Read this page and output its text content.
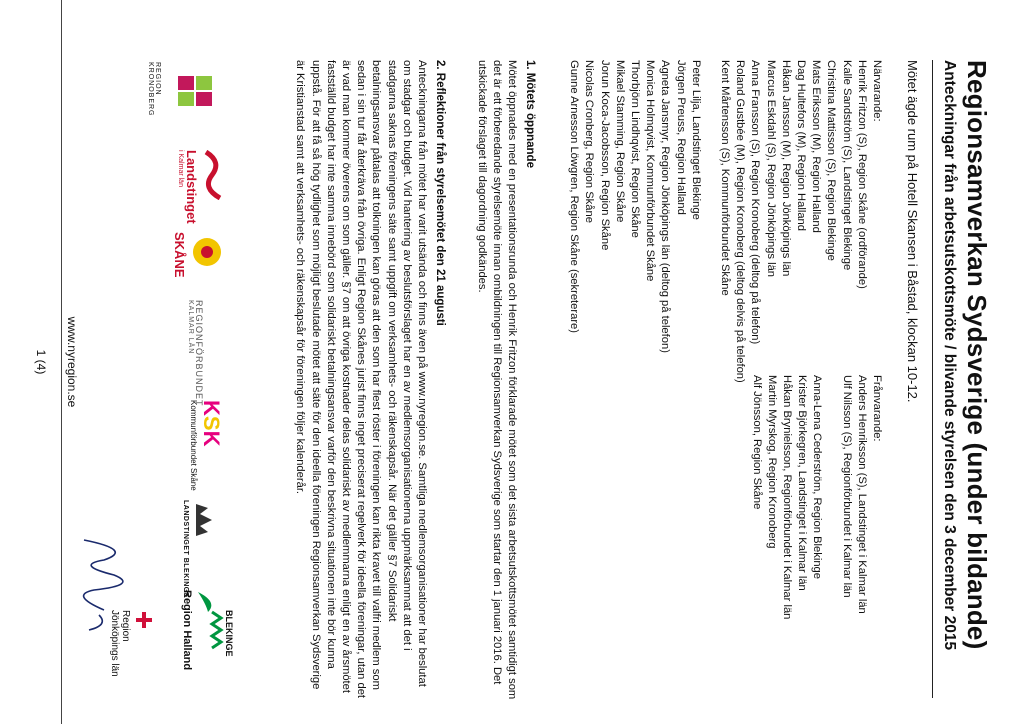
Regionsamverkan Sydsverige (under bildande)
Anteckningar från arbetsutskottsmöte / blivande styrelsen den 3 december 2015
Mötet ägde rum på Hotell Skansen i Båstad, klockan 10-12.
Närvarande:
Henrik Fritzon (S), Region Skåne (ordförande)
Kalle Sandström (S), Landstinget Blekinge
Christina Mattisson (S), Region Blekinge
Mats Eriksson (M), Region Halland
Dag Hultefors (M), Region Halland
Håkan Jansson (M), Region Jönköpings län
Marcus Eskdahl (S), Region Jönköpings län
Anna Fransson (S), Region Kronoberg (deltog på telefon)
Roland Gustbée (M), Region Kronoberg (deltog delvis på telefon)
Kent Mårtensson (S), Kommunförbundet Skåne
Peter Lilja, Landstinget Blekinge
Jörgen Preuss, Region Halland
Agneta Jansmyr, Region Jönköpings län (deltog på telefon)
Monica Holmqvist, Kommunförbundet Skåne
Thorbjörn Lindhqvist, Region Skåne
Mikael Stamming, Region Skåne
Jorun Koca-Jacobsson, Region Skåne
Nicolas Cronberg, Region Skåne
Gunne Arnesson Löwgren, Region Skåne (sekreterare)
Frånvarande:
Anders Henriksson (S), Landstinget i Kalmar län
Ulf Nilsson (S), Regionförbundet i Kalmar län
Anna-Lena Cederström, Region Blekinge
Krister Björkegren, Landstinget i Kalmar län
Håkan Brynielsson, Regionförbundet i Kalmar län
Martin Myrskog, Region Kronoberg
Alf Jönsson, Region Skåne
1. Mötets öppnande
Mötet öppnades med en presentationsrunda och Henrik Fritzon förklarade mötet som det sista arbetsutskottsmötet samtidigt som det är ett förberedande styrelsemöte innan ombildningen till Regionsamverkan Sydsverige som startar den 1 januari 2016. Det utskickade förslaget till dagordning godkändes.
2. Reflektioner från styrelsemötet den 21 augusti
Anteckningarna från mötet har varit utsända och finns även på www.nyregion.se. Samtliga medlemsorganisationer har beslutat om stadgar och budget. Vid hantering av beslutsförslaget har en av medlemsorganisationerna uppmärksammat att det i stadgarna saknas föreningens säte samt uppgift om verksamhets- och räkenskapsår. När det gäller §7 Solidariskt betalningsansvar påtalas att tolkningen kan göras att den som har flest röster i föreningen kan rikta kravet till valfri medlem som sedan i sin tur får återkräva från övriga. Enligt Region Skånes jurist finns inget preciserat regelverk för ideella föreningar, utan det är vad man kommer överens om som gäller. §7 om att övriga kostnader delas solidariskt av medlemmarna enligt en av årsmötet fastställd budget har inte samma innebörd som solidariskt betalningsansvar varför den beskrivna situationen inte bör kunna uppstå. För att få så hög tydlighet som möjligt beslutade mötet att säte för den ideella föreningen Regionsamverkan Sydsverige är Kristianstad samt att verksamhets- och räkenskapsår för föreningen följer kalenderår.
REGION KRONOBERG
Landstinget
i Kalmar län
SKÅNE
REGIONFÖRBUNDET
KALMAR LÄN
KSK
Kommunförbundet Skåne
LANDSTINGET BLEKINGE
Region Halland	BLEKINGE
Region
Jönköpings län
www.nyregion.se
1 (4)
